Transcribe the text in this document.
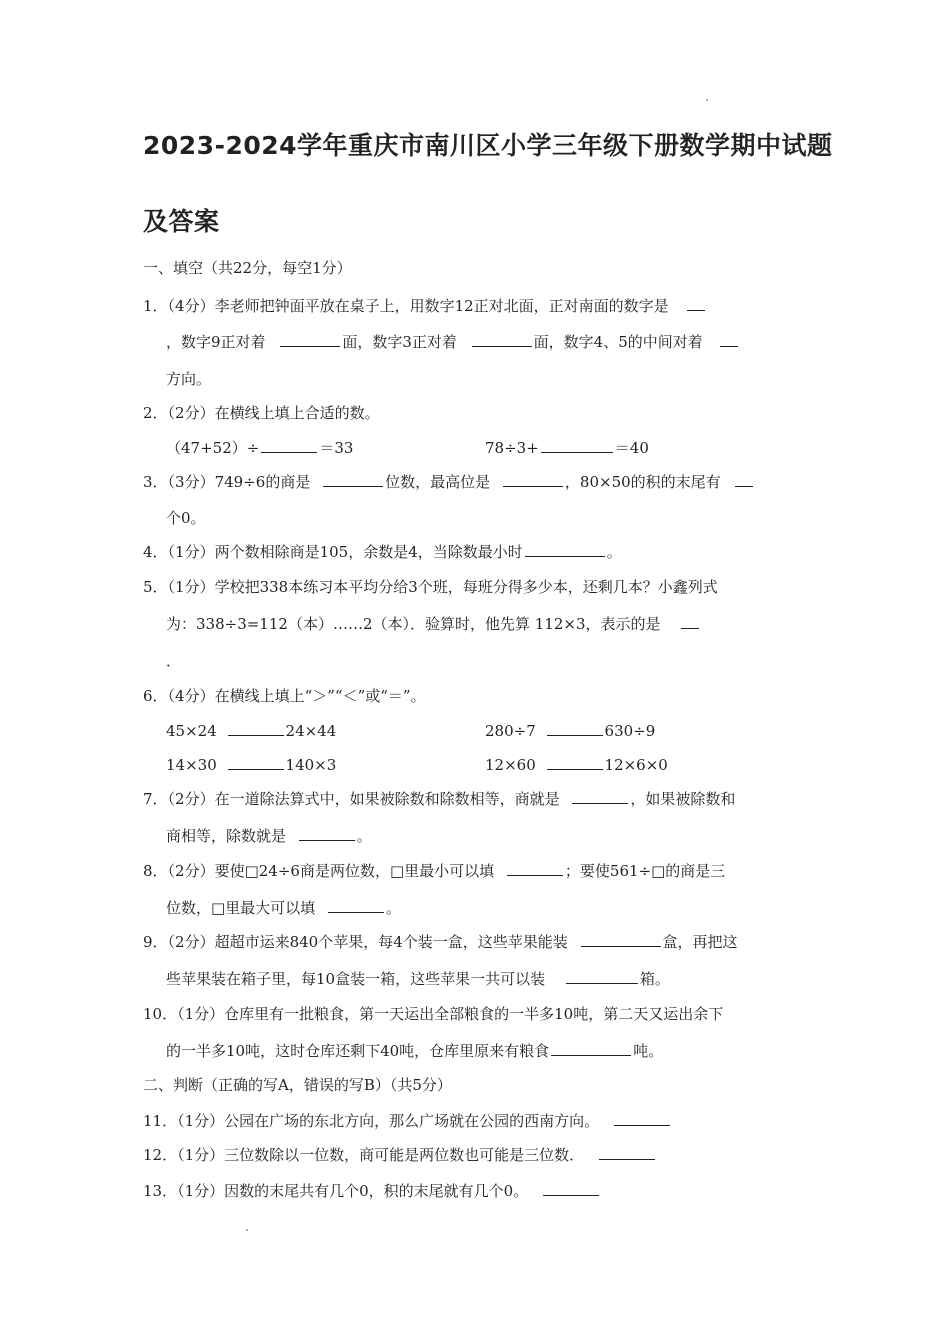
2023-2024学年重庆市南川区小学三年级下册数学期中试题
及答案
一、填空（共22分，每空1分）
1．（4分）李老师把钟面平放在桌子上，用数字12正对北面，正对南面的数字是
，数字9正对着	面，数字3正对着	面，数字4、5的中间对着
方向。
2．（2分）在横线上填上合适的数。
（47+52）÷	＝33	78÷3+	＝40
3．（3分）749÷6的商是	位数，最高位是	，80×50的积的末尾有
个0。
4．（1分）两个数相除商是105，余数是4，当除数最小时	。
5．（1分）学校把338本练习本平均分给3个班，每班分得多少本，还剩几本？小鑫列式
为：338÷3=112（本）……2（本）．验算时，他先算 112×3，表示的是
．
6．（4分）在横线上填上“＞”“＜”或“＝”。
45×24	24×44	280÷7	630÷9
14×30	140×3	12×60	12×6×0
7．（2分）在一道除法算式中，如果被除数和除数相等，商就是	，如果被除数和
商相等，除数就是	。
8．（2分）要使□24÷6商是两位数，□里最小可以填	；要使561÷□的商是三
位数，□里最大可以填	。
9．（2分）超超市运来840个苹果，每4个装一盒，这些苹果能装	盒，再把这
些苹果装在箱子里，每10盒装一箱，这些苹果一共可以装	箱。
10．（1分）仓库里有一批粮食，第一天运出全部粮食的一半多10吨，第二天又运出余下
的一半多10吨，这时仓库还剩下40吨，仓库里原来有粮食	吨。
二、判断（正确的写A，错误的写B）（共5分）
11．（1分）公园在广场的东北方向，那么广场就在公园的西南方向。
12．（1分）三位数除以一位数，商可能是两位数也可能是三位数．
13．（1分）因数的末尾共有几个0，积的末尾就有几个0。
